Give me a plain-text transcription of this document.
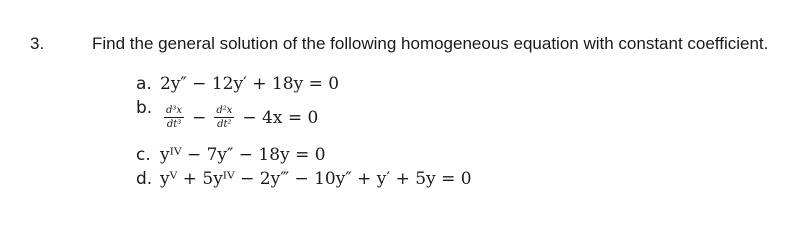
3.	Find the general solution of the following homogeneous equation with constant coefficient.
a. 2y″ − 12y′ + 18y = 0
b. $\frac{\text{d³x}}{\text{dt³}} - \frac{\text{d²x}}{\text{dt²}} - 4x = 0$
c. yᴵⱽ − 7y″ − 18y = 0
d. yⱽ + 5yᴵⱽ − 2y‴ − 10y″ + y′ + 5y = 0
